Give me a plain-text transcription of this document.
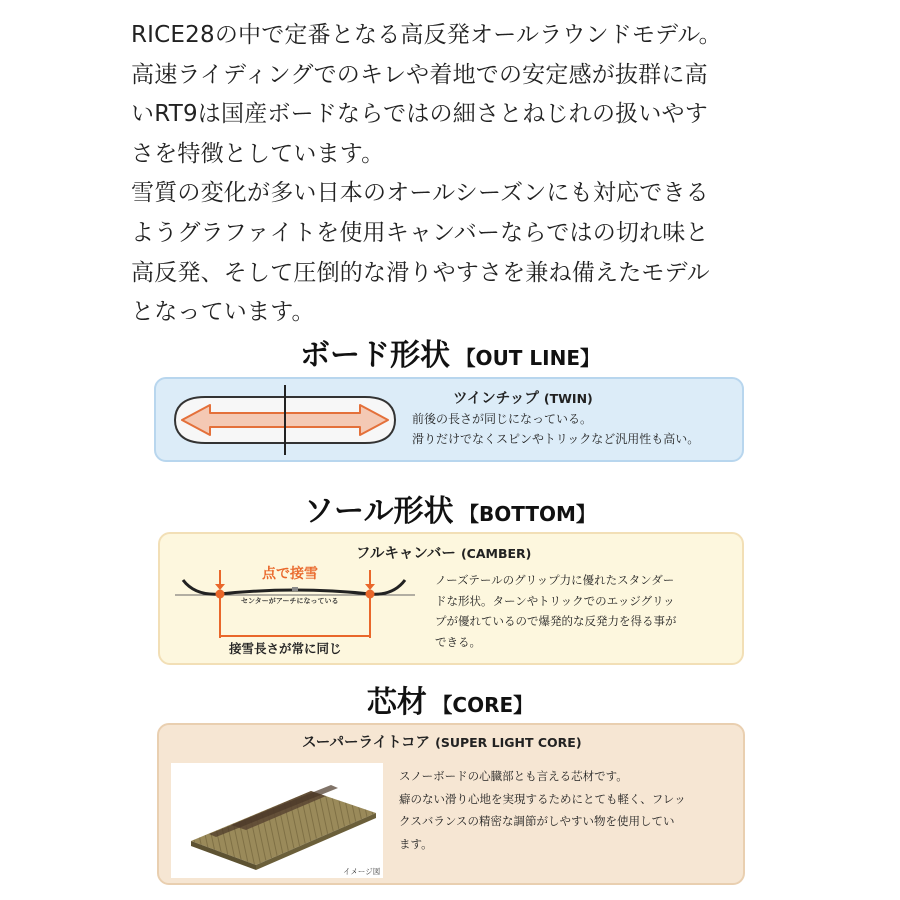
RICE28の中で定番となる高反発オールラウンドモデル。

高速ライディングでのキレや着地での安定感が抜群に高

いRT9は国産ボードならではの細さとねじれの扱いやす

さを特徴としています。

雪質の変化が多い日本のオールシーズンにも対応できる

ようグラファイトを使用キャンバーならではの切れ味と

高反発、そして圧倒的な滑りやすさを兼ね備えたモデル

となっています。

ボード形状 【OUT LINE】
ツインチップ (TWIN)

前後の長さが同じになっている。

滑りだけでなくスピンやトリックなど汎用性も高い。

ソール形状 【BOTTOM】
フルキャンバー (CAMBER)
点で接雪
センターがアーチになっている
接雪長さが常に同じ

ノーズテールのグリップ力に優れたスタンダー

ドな形状。ターンやトリックでのエッジグリッ

プが優れているので爆発的な反発力を得る事が

できる。

芯材 【CORE】
スーパーライトコア (SUPER LIGHT CORE)
イメージ図

スノーボードの心臓部とも言える芯材です。

癖のない滑り心地を実現するためにとても軽く、フレッ

クスバランスの精密な調節がしやすい物を使用してい

ます。
